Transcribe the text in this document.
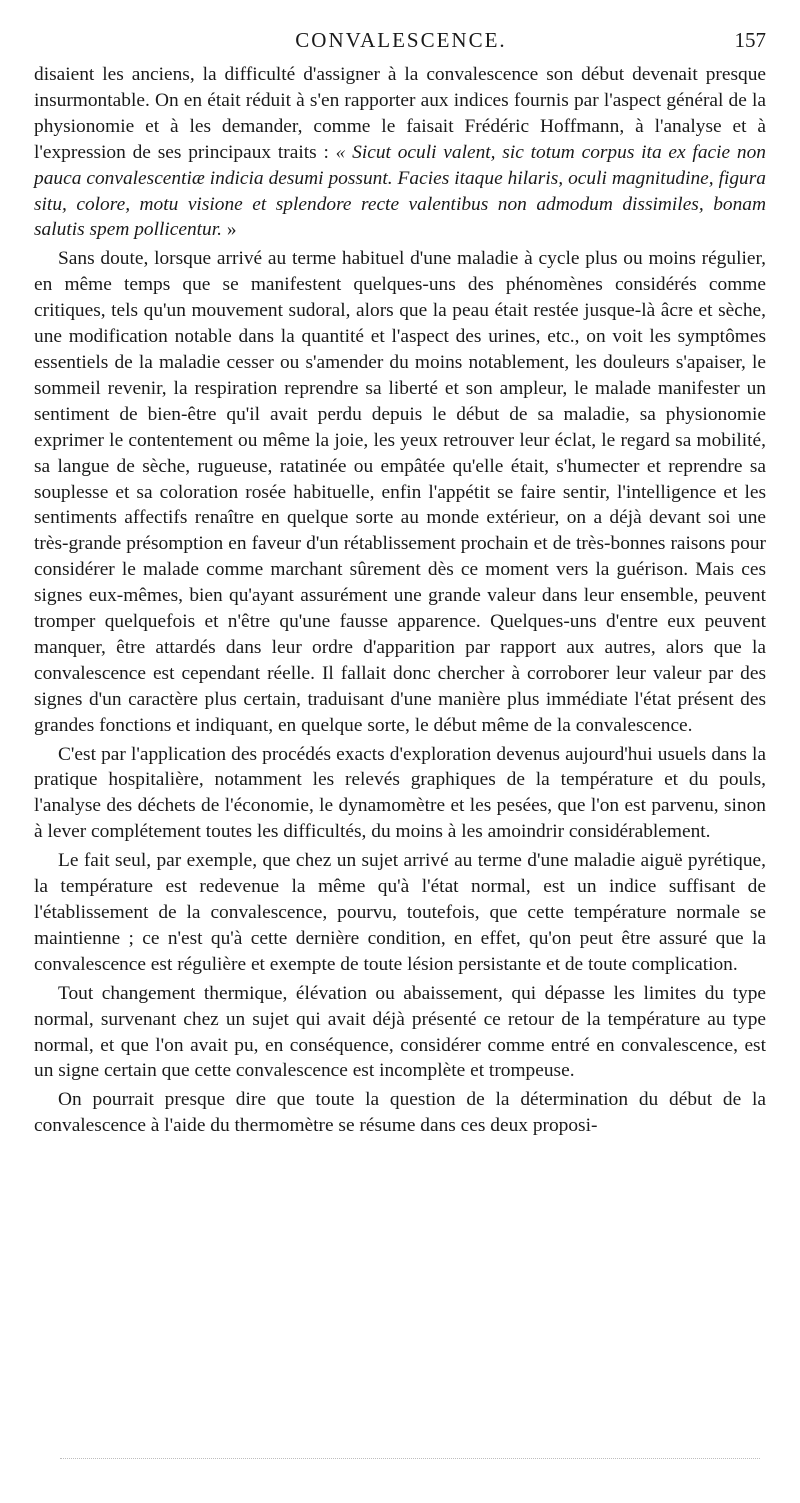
CONVALESCENCE.	157

disaient les anciens, la difficulté d'assigner à la convalescence son début devenait presque insurmontable. On en était réduit à s'en rapporter aux indices fournis par l'aspect général de la physionomie et à les demander, comme le faisait Frédéric Hoffmann, à l'analyse et à l'expression de ses principaux traits : « Sicut oculi valent, sic totum corpus ita ex facie non pauca convalescentiæ indicia desumi possunt. Facies itaque hilaris, oculi magnitudine, figura situ, colore, motu visione et splendore recte valentibus non admodum dissimiles, bonam salutis spem pollicentur. »

Sans doute, lorsque arrivé au terme habituel d'une maladie à cycle plus ou moins régulier, en même temps que se manifestent quelques-uns des phénomènes considérés comme critiques, tels qu'un mouvement sudoral, alors que la peau était restée jusque-là âcre et sèche, une modification notable dans la quantité et l'aspect des urines, etc., on voit les symptômes essentiels de la maladie cesser ou s'amender du moins notablement, les douleurs s'apaiser, le sommeil revenir, la respiration reprendre sa liberté et son ampleur, le malade manifester un sentiment de bien-être qu'il avait perdu depuis le début de sa maladie, sa physionomie exprimer le contentement ou même la joie, les yeux retrouver leur éclat, le regard sa mobilité, sa langue de sèche, rugueuse, ratatinée ou empâtée qu'elle était, s'humecter et reprendre sa souplesse et sa coloration rosée habituelle, enfin l'appétit se faire sentir, l'intelligence et les sentiments affectifs renaître en quelque sorte au monde extérieur, on a déjà devant soi une très-grande présomption en faveur d'un rétablissement prochain et de très-bonnes raisons pour considérer le malade comme marchant sûrement dès ce moment vers la guérison. Mais ces signes eux-mêmes, bien qu'ayant assurément une grande valeur dans leur ensemble, peuvent tromper quelquefois et n'être qu'une fausse apparence. Quelques-uns d'entre eux peuvent manquer, être attardés dans leur ordre d'apparition par rapport aux autres, alors que la convalescence est cependant réelle. Il fallait donc chercher à corroborer leur valeur par des signes d'un caractère plus certain, traduisant d'une manière plus immédiate l'état présent des grandes fonctions et indiquant, en quelque sorte, le début même de la convalescence.

C'est par l'application des procédés exacts d'exploration devenus aujourd'hui usuels dans la pratique hospitalière, notamment les relevés graphiques de la température et du pouls, l'analyse des déchets de l'économie, le dynamomètre et les pesées, que l'on est parvenu, sinon à lever complétement toutes les difficultés, du moins à les amoindrir considérablement.

Le fait seul, par exemple, que chez un sujet arrivé au terme d'une maladie aiguë pyrétique, la température est redevenue la même qu'à l'état normal, est un indice suffisant de l'établissement de la convalescence, pourvu, toutefois, que cette température normale se maintienne ; ce n'est qu'à cette dernière condition, en effet, qu'on peut être assuré que la convalescence est régulière et exempte de toute lésion persistante et de toute complication.

Tout changement thermique, élévation ou abaissement, qui dépasse les limites du type normal, survenant chez un sujet qui avait déjà présenté ce retour de la température au type normal, et que l'on avait pu, en conséquence, considérer comme entré en convalescence, est un signe certain que cette convalescence est incomplète et trompeuse.

On pourrait presque dire que toute la question de la détermination du début de la convalescence à l'aide du thermomètre se résume dans ces deux proposi-
